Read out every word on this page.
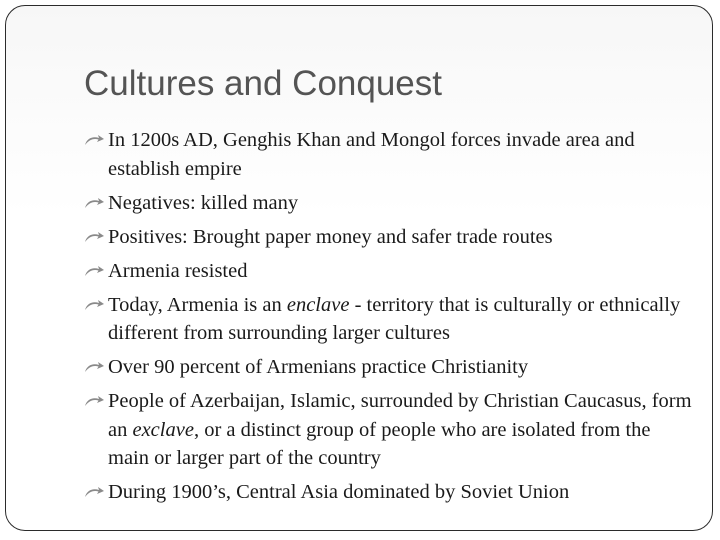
Cultures and Conquest
In 1200s AD, Genghis Khan and Mongol forces invade area and establish empire
Negatives: killed many
Positives: Brought paper money and safer trade routes
Armenia resisted
Today, Armenia is an enclave - territory that is culturally or ethnically different from surrounding larger cultures
Over 90 percent of Armenians practice Christianity
People of Azerbaijan, Islamic, surrounded by Christian Caucasus, form an exclave, or a distinct group of people who are isolated from the main or larger part of the country
During 1900’s, Central Asia dominated by Soviet Union
